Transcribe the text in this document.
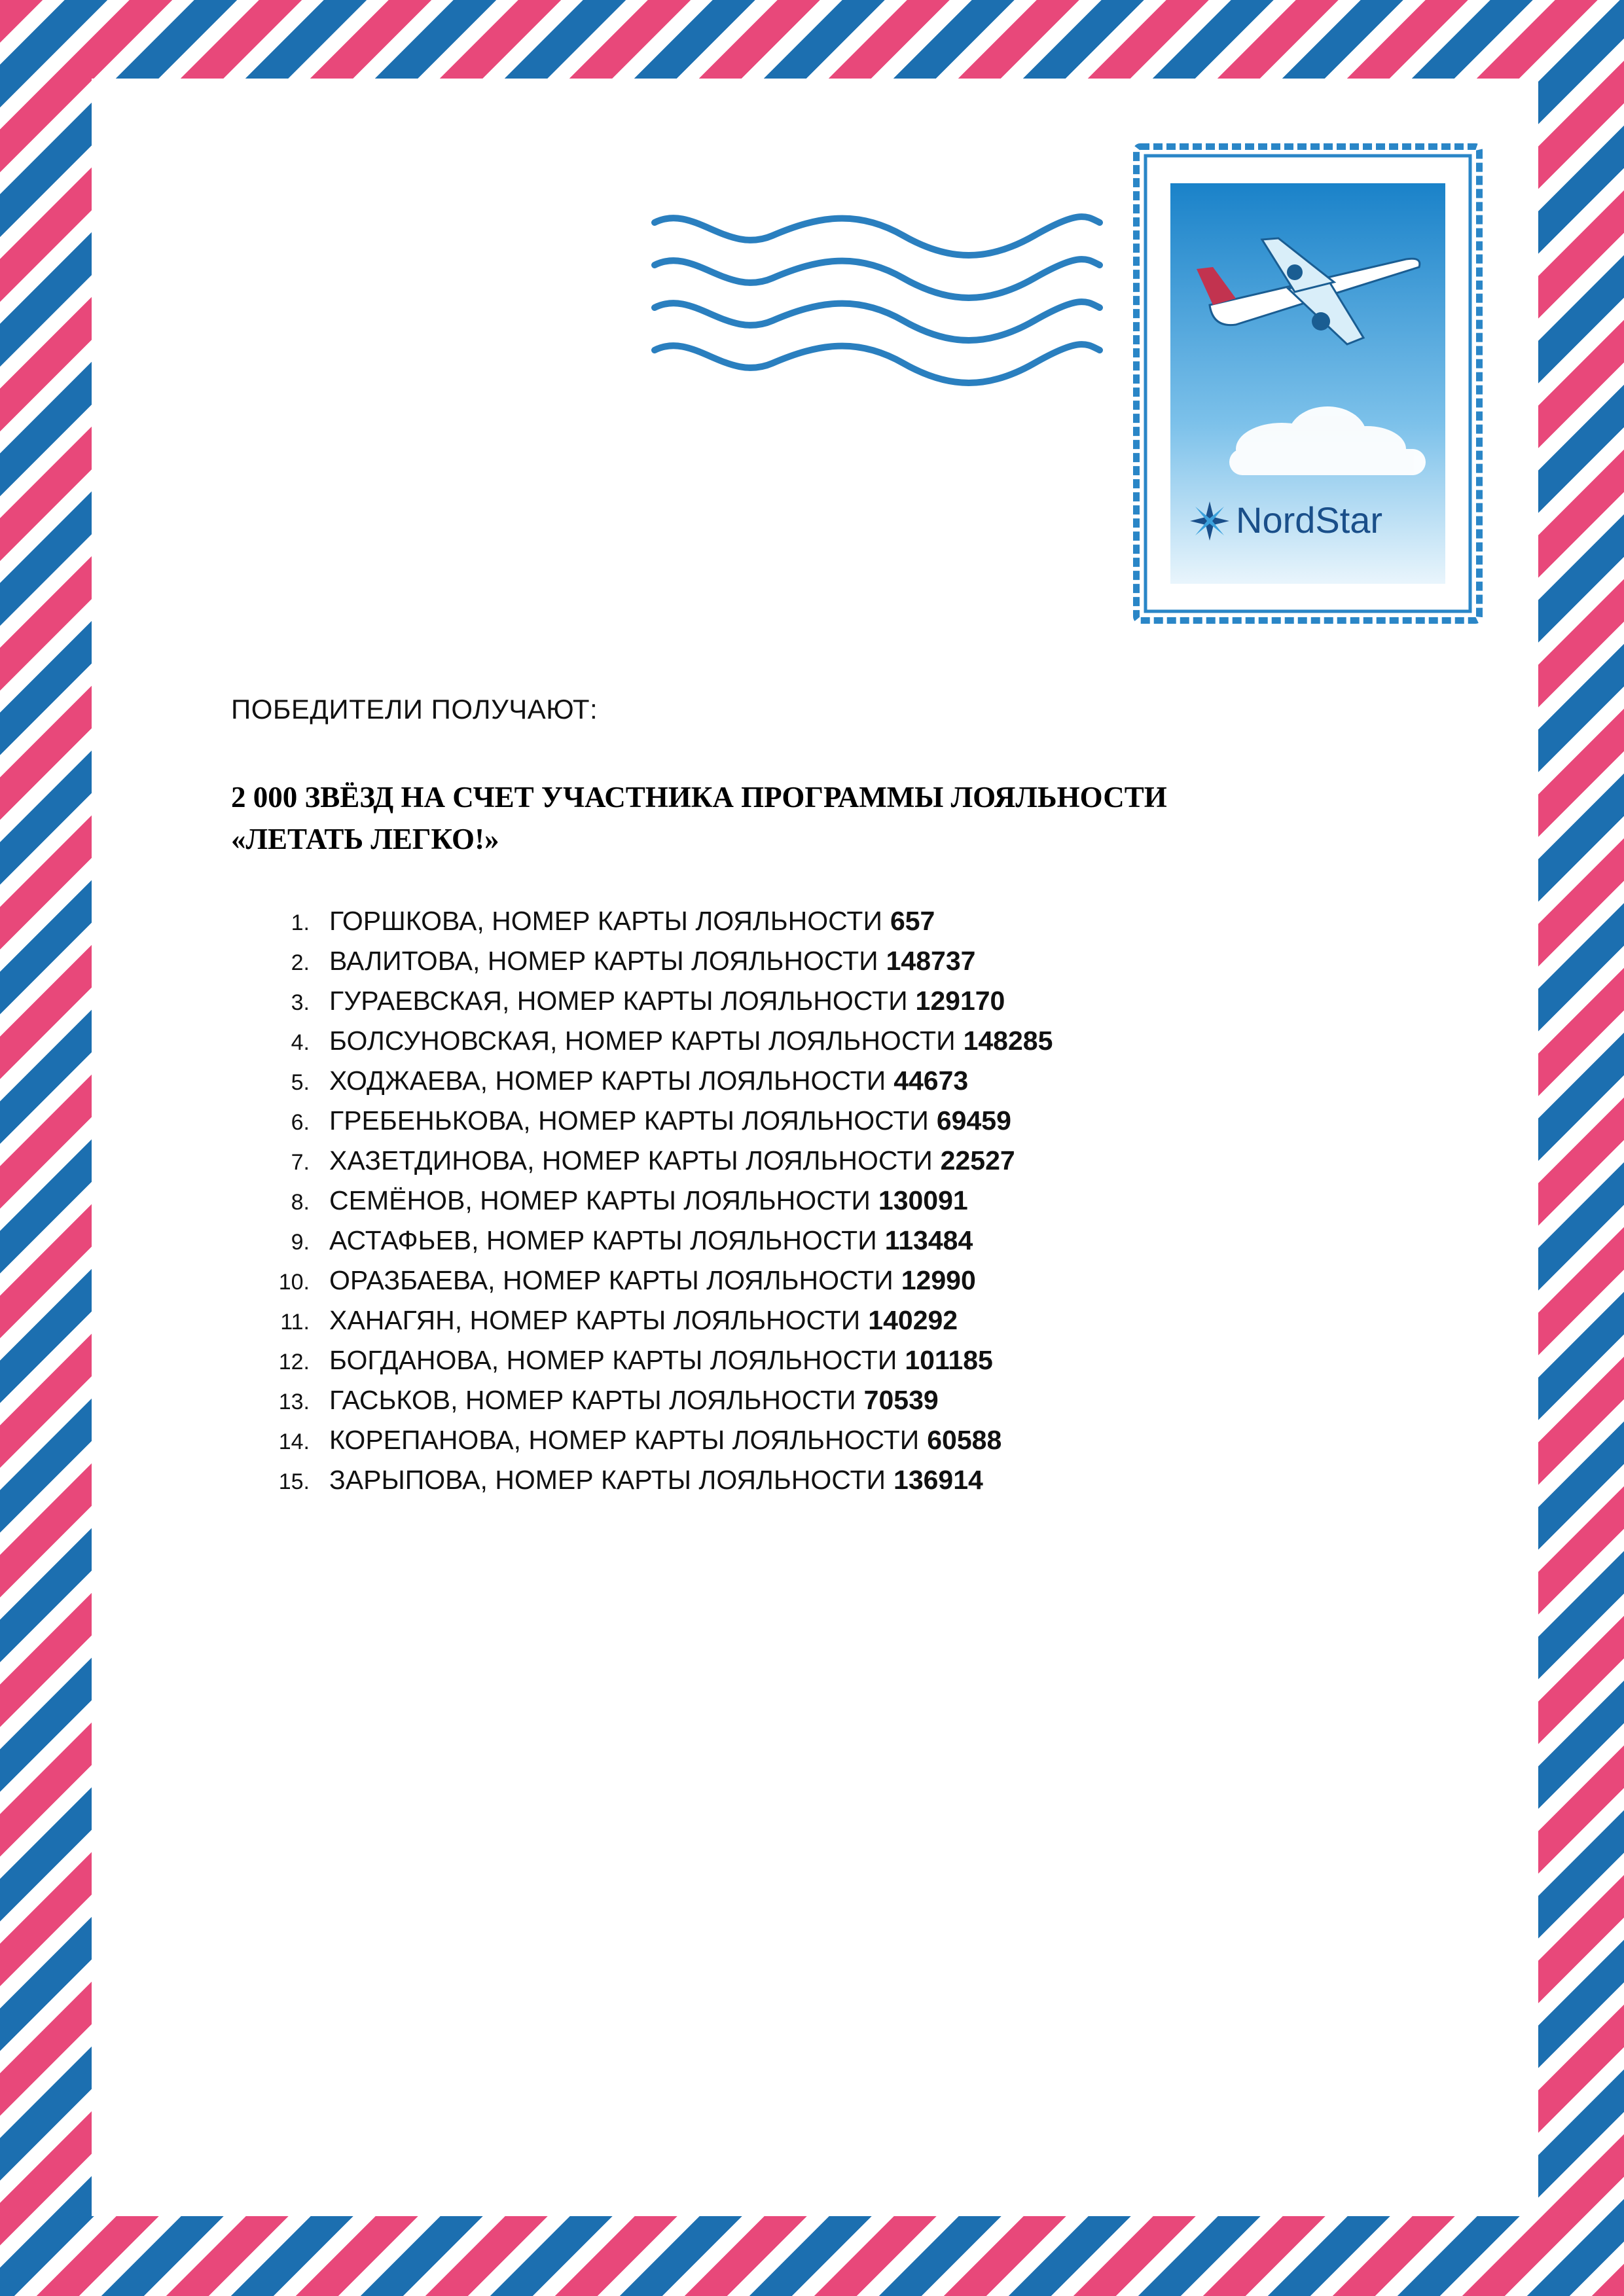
NordStar

ПОБЕДИТЕЛИ ПОЛУЧАЮТ:

2 000 ЗВЁЗД НА СЧЕТ УЧАСТНИКА ПРОГРАММЫ ЛОЯЛЬНОСТИ
«ЛЕТАТЬ ЛЕГКО!»
1. ГОРШКОВА, НОМЕР КАРТЫ ЛОЯЛЬНОСТИ 657
2. ВАЛИТОВА, НОМЕР КАРТЫ ЛОЯЛЬНОСТИ 148737
3. ГУРАЕВСКАЯ, НОМЕР КАРТЫ ЛОЯЛЬНОСТИ 129170
4. БОЛСУНОВСКАЯ, НОМЕР КАРТЫ ЛОЯЛЬНОСТИ 148285
5. ХОДЖАЕВА, НОМЕР КАРТЫ ЛОЯЛЬНОСТИ 44673
6. ГРЕБЕНЬКОВА, НОМЕР КАРТЫ ЛОЯЛЬНОСТИ 69459
7. ХАЗЕТДИНОВА, НОМЕР КАРТЫ ЛОЯЛЬНОСТИ 22527
8. СЕМЁНОВ, НОМЕР КАРТЫ ЛОЯЛЬНОСТИ 130091
9. АСТАФЬЕВ, НОМЕР КАРТЫ ЛОЯЛЬНОСТИ 113484
10. ОРАЗБАЕВА, НОМЕР КАРТЫ ЛОЯЛЬНОСТИ 12990
11. ХАНАГЯН, НОМЕР КАРТЫ ЛОЯЛЬНОСТИ 140292
12. БОГДАНОВА, НОМЕР КАРТЫ ЛОЯЛЬНОСТИ 101185
13. ГАСЬКОВ, НОМЕР КАРТЫ ЛОЯЛЬНОСТИ 70539
14. КОРЕПАНОВА, НОМЕР КАРТЫ ЛОЯЛЬНОСТИ 60588
15. ЗАРЫПОВА, НОМЕР КАРТЫ ЛОЯЛЬНОСТИ 136914
